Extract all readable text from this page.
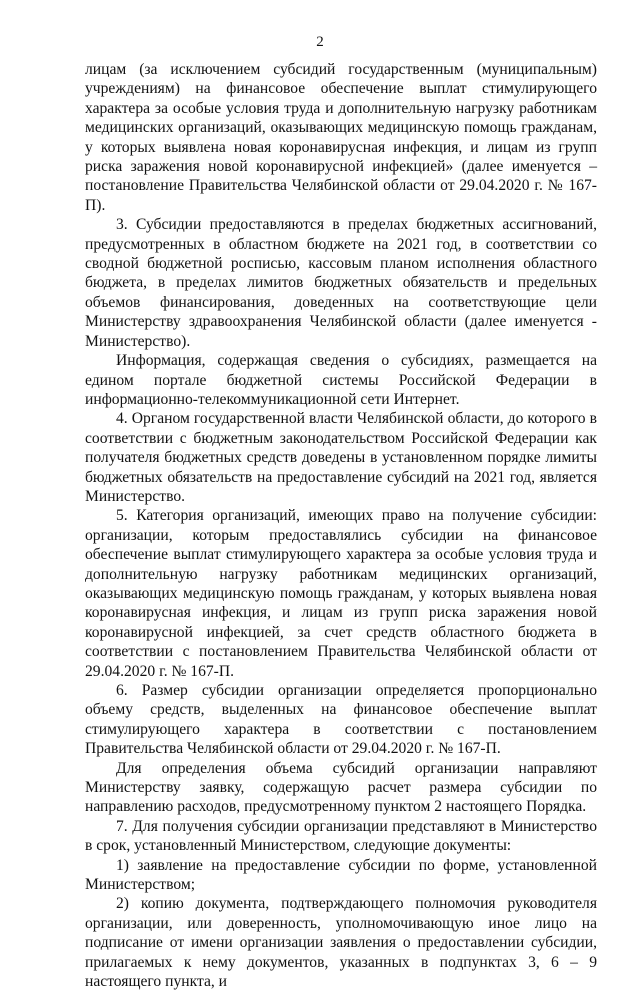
2

лицам (за исключением субсидий государственным (муниципальным) учреждениям) на финансовое обеспечение выплат стимулирующего характера за особые условия труда и дополнительную нагрузку работникам медицинских организаций, оказывающих медицинскую помощь гражданам, у которых выявлена новая коронавирусная инфекция, и лицам из групп риска заражения новой коронавирусной инфекцией» (далее именуется – постановление Правительства Челябинской области от 29.04.2020 г. № 167-П).

3. Субсидии предоставляются в пределах бюджетных ассигнований, предусмотренных в областном бюджете на 2021 год, в соответствии со сводной бюджетной росписью, кассовым планом исполнения областного бюджета, в пределах лимитов бюджетных обязательств и предельных объемов финансирования, доведенных на соответствующие цели Министерству здравоохранения Челябинской области (далее именуется - Министерство).

Информация, содержащая сведения о субсидиях, размещается на едином портале бюджетной системы Российской Федерации в информационно-телекоммуникационной сети Интернет.

4. Органом государственной власти Челябинской области, до которого в соответствии с бюджетным законодательством Российской Федерации как получателя бюджетных средств доведены в установленном порядке лимиты бюджетных обязательств на предоставление субсидий на 2021 год, является Министерство.

5. Категория организаций, имеющих право на получение субсидии: организации, которым предоставлялись субсидии на финансовое обеспечение выплат стимулирующего характера за особые условия труда и дополнительную нагрузку работникам медицинских организаций, оказывающих медицинскую помощь гражданам, у которых выявлена новая коронавирусная инфекция, и лицам из групп риска заражения новой коронавирусной инфекцией, за счет средств областного бюджета в соответствии с постановлением Правительства Челябинской области от 29.04.2020 г. № 167-П.

6. Размер субсидии организации определяется пропорционально объему средств, выделенных на финансовое обеспечение выплат стимулирующего характера в соответствии с постановлением Правительства Челябинской области от 29.04.2020 г. № 167-П.

Для определения объема субсидий организации направляют Министерству заявку, содержащую расчет размера субсидии по направлению расходов, предусмотренному пунктом 2 настоящего Порядка.

7. Для получения субсидии организации представляют в Министерство в срок, установленный Министерством, следующие документы:

1) заявление на предоставление субсидии по форме, установленной Министерством;

2) копию документа, подтверждающего полномочия руководителя организации, или доверенность, уполномочивающую иное лицо на подписание от имени организации заявления о предоставлении субсидии, прилагаемых к нему документов, указанных в подпунктах 3, 6 – 9 настоящего пункта, и
